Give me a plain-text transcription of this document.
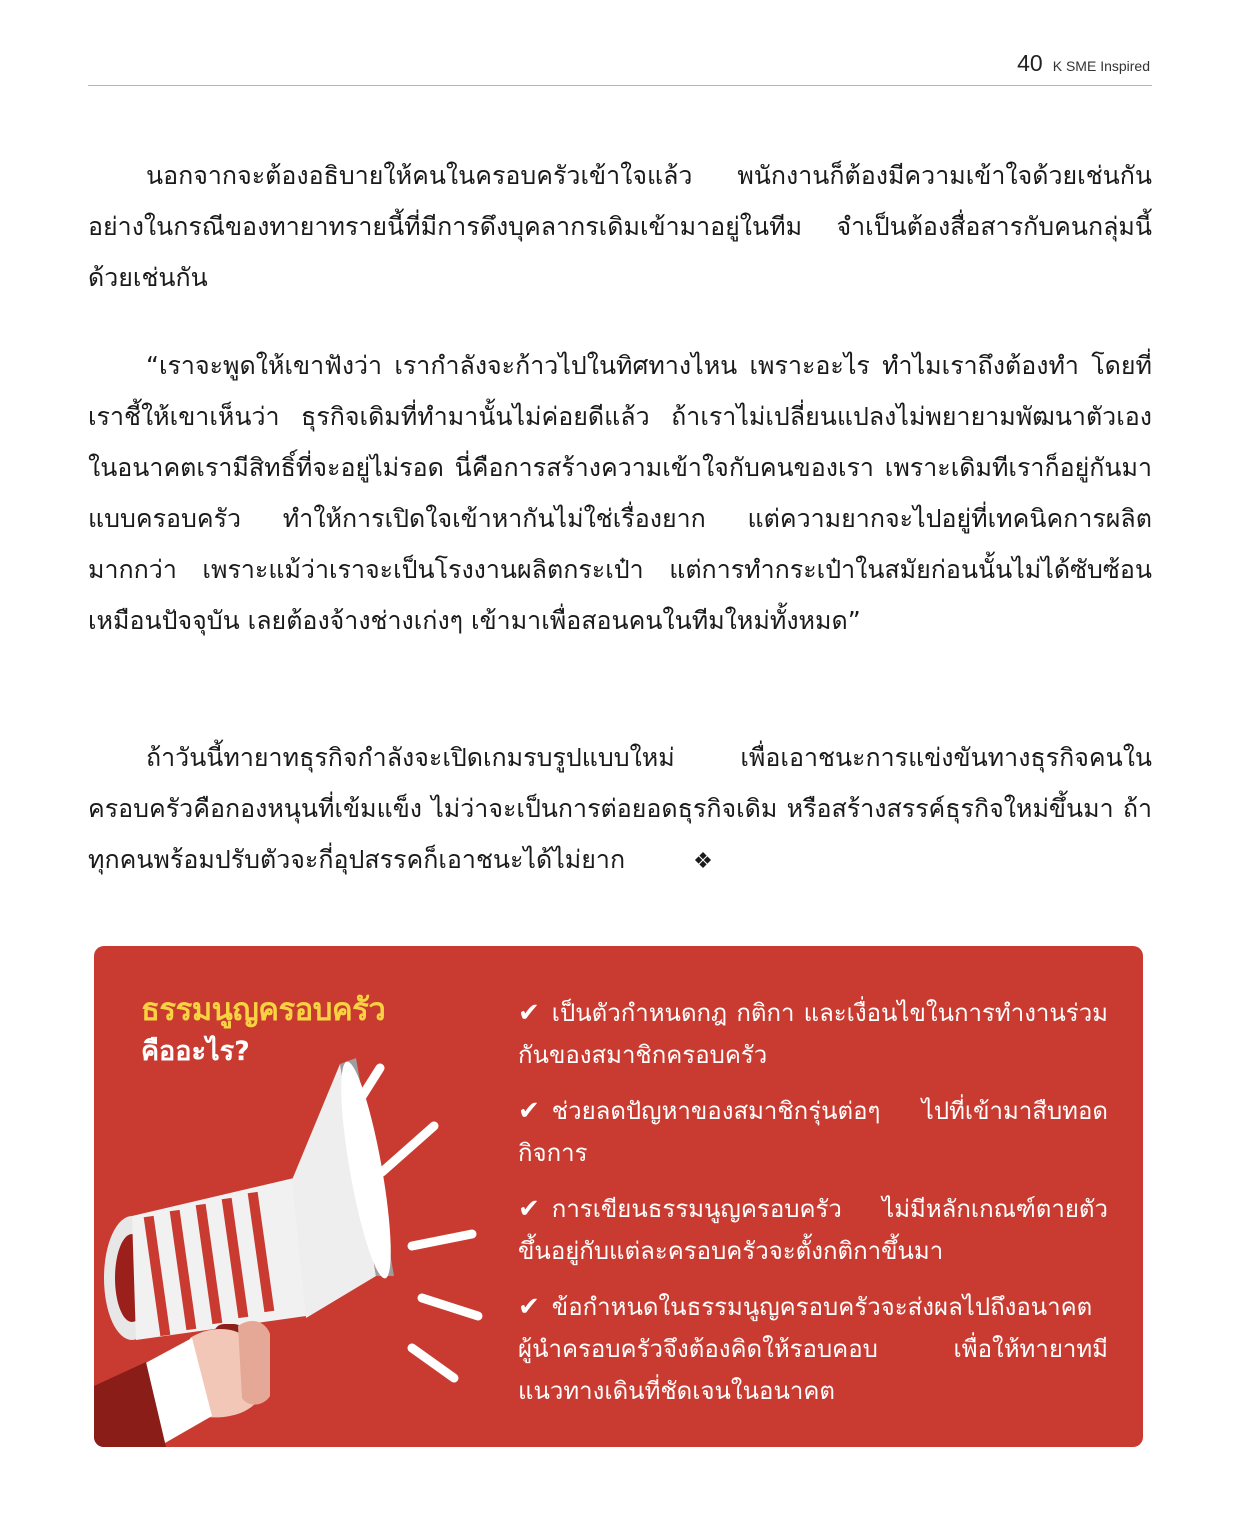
40 K SME Inspired
นอกจากจะต้องอธิบายให้คนในครอบครัวเข้าใจแล้ว พนักงานก็ต้องมีความเข้าใจด้วยเช่นกัน อย่างในกรณีของทายาทรายนี้ที่มีการดึงบุคลากรเดิมเข้ามาอยู่ในทีม จำเป็นต้องสื่อสารกับคนกลุ่มนี้ด้วยเช่นกัน
“เราจะพูดให้เขาฟังว่า เรากำลังจะก้าวไปในทิศทางไหน เพราะอะไร ทำไมเราถึงต้องทำ โดยที่เราชี้ให้เขาเห็นว่า ธุรกิจเดิมที่ทำมานั้นไม่ค่อยดีแล้ว ถ้าเราไม่เปลี่ยนแปลงไม่พยายามพัฒนาตัวเอง ในอนาคตเรามีสิทธิ์ที่จะอยู่ไม่รอด นี่คือการสร้างความเข้าใจกับคนของเรา เพราะเดิมทีเราก็อยู่กันมาแบบครอบครัว ทำให้การเปิดใจเข้าหากันไม่ใช่เรื่องยาก แต่ความยากจะไปอยู่ที่เทคนิคการผลิตมากกว่า เพราะแม้ว่าเราจะเป็นโรงงานผลิตกระเป๋า แต่การทำกระเป๋าในสมัยก่อนนั้นไม่ได้ซับซ้อนเหมือนปัจจุบัน เลยต้องจ้างช่างเก่งๆ เข้ามาเพื่อสอนคนในทีมใหม่ทั้งหมด”
ถ้าวันนี้ทายาทธุรกิจกำลังจะเปิดเกมรบรูปแบบใหม่ เพื่อเอาชนะการแข่งขันทางธุรกิจคนในครอบครัวคือกองหนุนที่เข้มแข็ง ไม่ว่าจะเป็นการต่อยอดธุรกิจเดิม หรือสร้างสรรค์ธุรกิจใหม่ขึ้นมา ถ้าทุกคนพร้อมปรับตัวจะกี่อุปสรรคก็เอาชนะได้ไม่ยาก	❖
ธรรมนูญครอบครัว
คืออะไร?
✔ เป็นตัวกำหนดกฎ กติกา และเงื่อนไขในการทำงานร่วมกันของสมาชิกครอบครัว
✔ ช่วยลดปัญหาของสมาชิกรุ่นต่อๆ ไปที่เข้ามาสืบทอดกิจการ
✔ การเขียนธรรมนูญครอบครัว ไม่มีหลักเกณฑ์ตายตัว ขึ้นอยู่กับแต่ละครอบครัวจะตั้งกติกาขึ้นมา
✔ ข้อกำหนดในธรรมนูญครอบครัวจะส่งผลไปถึงอนาคต ผู้นำครอบครัวจึงต้องคิดให้รอบคอบ เพื่อให้ทายาทมีแนวทางเดินที่ชัดเจนในอนาคต
